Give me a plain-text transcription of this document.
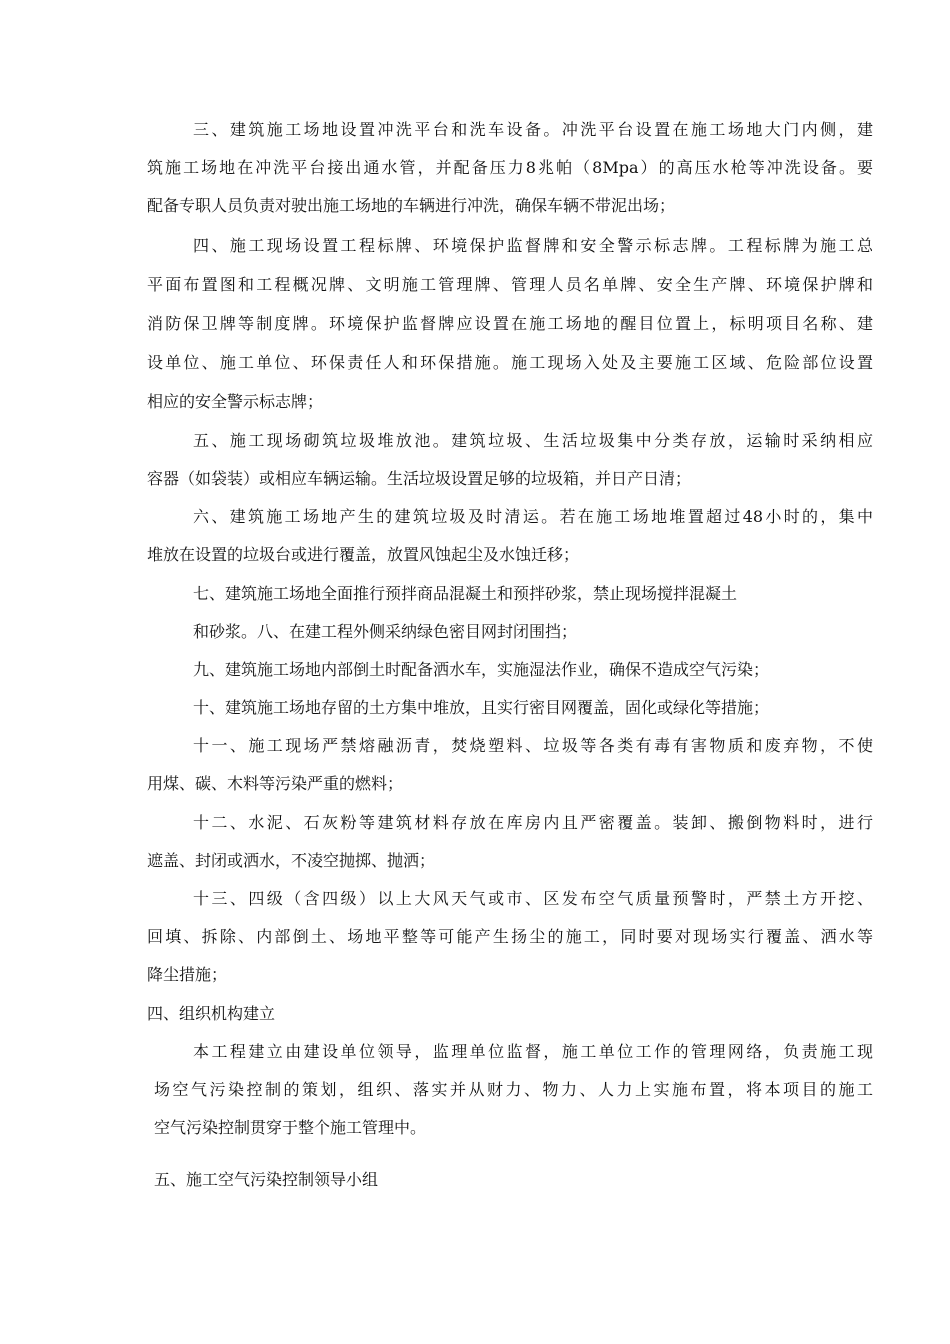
三、建筑施工场地设置冲洗平台和洗车设备。冲洗平台设置在施工场地大门内侧，建
筑施工场地在冲洗平台接出通水管，并配备压力8兆帕（8Mpa）的高压水枪等冲洗设备。要
配备专职人员负责对驶出施工场地的车辆进行冲洗，确保车辆不带泥出场；
四、施工现场设置工程标牌、环境保护监督牌和安全警示标志牌。工程标牌为施工总
平面布置图和工程概况牌、文明施工管理牌、管理人员名单牌、安全生产牌、环境保护牌和
消防保卫牌等制度牌。环境保护监督牌应设置在施工场地的醒目位置上，标明项目名称、建
设单位、施工单位、环保责任人和环保措施。施工现场入处及主要施工区域、危险部位设置
相应的安全警示标志牌；
五、施工现场砌筑垃圾堆放池。建筑垃圾、生活垃圾集中分类存放，运输时采纳相应
容器（如袋装）或相应车辆运输。生活垃圾设置足够的垃圾箱，并日产日清；
六、建筑施工场地产生的建筑垃圾及时清运。若在施工场地堆置超过48小时的，集中
堆放在设置的垃圾台或进行覆盖，放置风蚀起尘及水蚀迁移；
七、建筑施工场地全面推行预拌商品混凝土和预拌砂浆，禁止现场搅拌混凝土
和砂浆。八、在建工程外侧采纳绿色密目网封闭围挡；
九、建筑施工场地内部倒土时配备洒水车，实施湿法作业，确保不造成空气污染；
十、建筑施工场地存留的土方集中堆放，且实行密目网覆盖，固化或绿化等措施；
十一、施工现场严禁熔融沥青，焚烧塑料、垃圾等各类有毒有害物质和废弃物，不使
用煤、碳、木料等污染严重的燃料；
十二、水泥、石灰粉等建筑材料存放在库房内且严密覆盖。装卸、搬倒物料时，进行
遮盖、封闭或洒水，不凌空抛掷、抛洒；
十三、四级（含四级）以上大风天气或市、区发布空气质量预警时，严禁土方开挖、
回填、拆除、内部倒土、场地平整等可能产生扬尘的施工，同时要对现场实行覆盖、洒水等
降尘措施；
四、组织机构建立
本工程建立由建设单位领导，监理单位监督，施工单位工作的管理网络，负责施工现
场空气污染控制的策划，组织、落实并从财力、物力、人力上实施布置，将本项目的施工
空气污染控制贯穿于整个施工管理中。
五、施工空气污染控制领导小组
